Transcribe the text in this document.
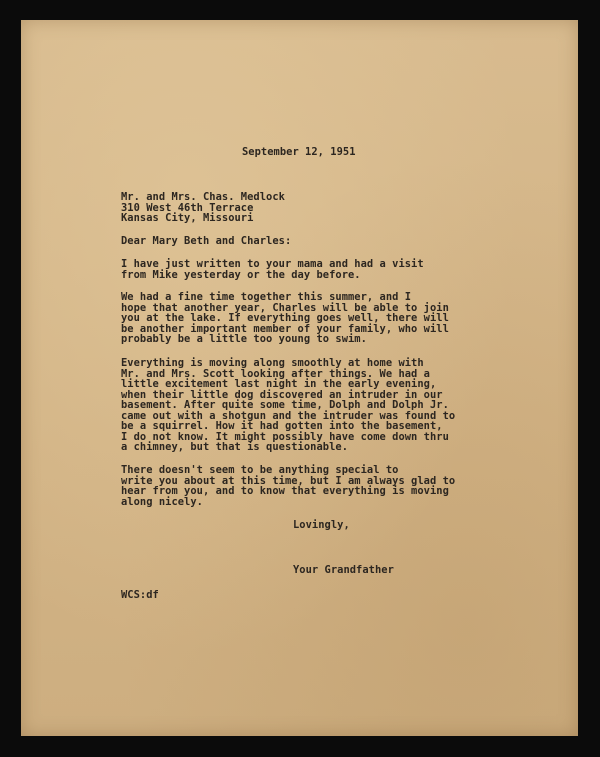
September 12, 1951
Mr. and Mrs. Chas. Medlock
310 West 46th Terrace
Kansas City, Missouri
Dear Mary Beth and Charles:
I have just written to your mama and had a visit
from Mike yesterday or the day before.
We had a fine time together this summer, and I
hope that another year, Charles will be able to join
you at the lake. If everything goes well, there will
be another important member of your family, who will
probably be a little too young to swim.
Everything is moving along smoothly at home with
Mr. and Mrs. Scott looking after things. We had a
little excitement last night in the early evening,
when their little dog discovered an intruder in our
basement. After quite some time, Dolph and Dolph Jr.
came out with a shotgun and the intruder was found to
be a squirrel. How it had gotten into the basement,
I do not know. It might possibly have come down thru
a chimney, but that is questionable.
There doesn't seem to be anything special to
write you about at this time, but I am always glad to
hear from you, and to know that everything is moving
along nicely.
Lovingly,
Your Grandfather
WCS:df
